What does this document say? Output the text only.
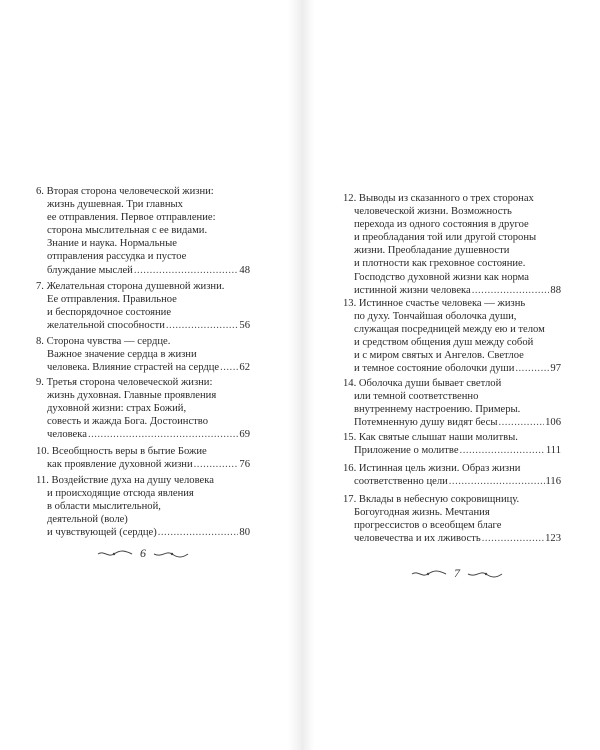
6. Вторая сторона человеческой жизни:
жизнь душевная. Три главных
ее отправления. Первое отправление:
сторона мыслительная с ее видами.
Знание и наука. Нормальные
отправления рассудка и пустое
блуждание мыслей .....	48
7. Желательная сторона душевной жизни.
Ее отправления. Правильное
и беспорядочное состояние
желательной способности .....	56
8. Сторона чувства — сердце.
Важное значение сердца в жизни
человека. Влияние страстей на сердце ..... 62
9. Третья сторона человеческой жизни:
жизнь духовная. Главные проявления
духовной жизни: страх Божий,
совесть и жажда Бога. Достоинство
человека .....	69
10. Всеобщность веры в бытие Божие
как проявление духовной жизни .....	76
11. Воздействие духа на душу человека
и происходящие отсюда явления
в области мыслительной,
деятельной (воле)
и чувствующей (сердце) .....	80
12. Выводы из сказанного о трех сторонах
человеческой жизни. Возможность
перехода из одного состояния в другое
и преобладания той или другой стороны
жизни. Преобладание душевности
и плотности как греховное состояние.
Господство духовной жизни как норма
истинной жизни человека .....	88
13. Истинное счастье человека — жизнь
по духу. Тончайшая оболочка души,
служащая посредницей между ею и телом
и средством общения душ между собой
и с миром святых и Ангелов. Светлое
и темное состояние оболочки души .....	97
14. Оболочка души бывает светлой
или темной соответственно
внутреннему настроению. Примеры.
Потемненную душу видят бесы .....	106
15. Как святые слышат наши молитвы.
Приложение о молитве .....	111
16. Истинная цель жизни. Образ жизни
соответственно цели .....	116
17. Вклады в небесную сокровищницу.
Богоугодная жизнь. Мечтания
прогрессистов о всеобщем благе
человечества и их лживость .....	123
6
7
